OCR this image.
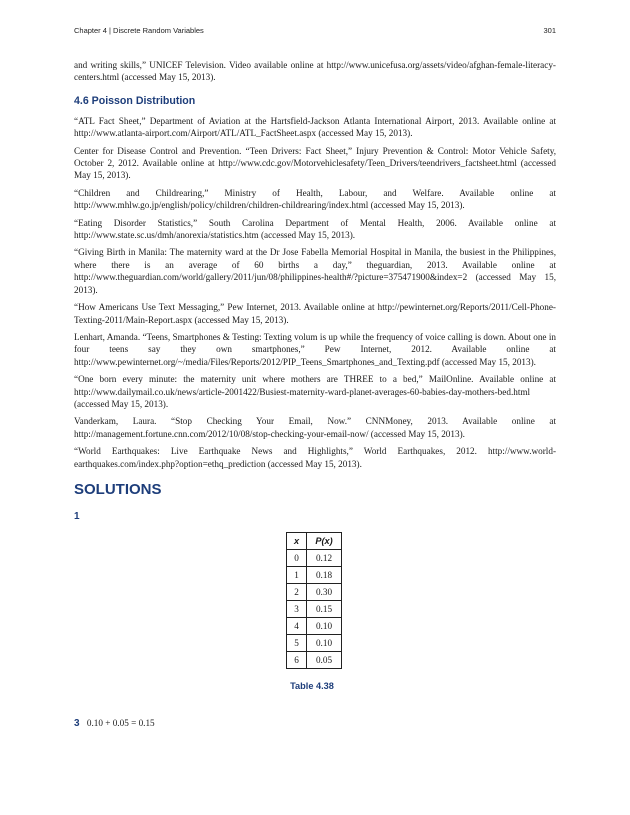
Chapter 4 | Discrete Random Variables	301

and writing skills,” UNICEF Television. Video available online at http://www.unicefusa.org/assets/video/afghan-female-literacy-centers.html (accessed May 15, 2013).

4.6 Poisson Distribution

“ATL Fact Sheet,” Department of Aviation at the Hartsfield-Jackson Atlanta International Airport, 2013. Available online at http://www.atlanta-airport.com/Airport/ATL/ATL_FactSheet.aspx (accessed May 15, 2013).

Center for Disease Control and Prevention. “Teen Drivers: Fact Sheet,” Injury Prevention & Control: Motor Vehicle Safety, October 2, 2012. Available online at http://www.cdc.gov/Motorvehiclesafety/Teen_Drivers/teendrivers_factsheet.html (accessed May 15, 2013).

“Children and Childrearing,” Ministry of Health, Labour, and Welfare. Available online at http://www.mhlw.go.jp/english/policy/children/children-childrearing/index.html (accessed May 15, 2013).

“Eating Disorder Statistics,” South Carolina Department of Mental Health, 2006. Available online at http://www.state.sc.us/dmh/anorexia/statistics.htm (accessed May 15, 2013).

“Giving Birth in Manila: The maternity ward at the Dr Jose Fabella Memorial Hospital in Manila, the busiest in the Philippines, where there is an average of 60 births a day,” theguardian, 2013. Available online at http://www.theguardian.com/world/gallery/2011/jun/08/philippines-health#/?picture=375471900&index=2 (accessed May 15, 2013).

“How Americans Use Text Messaging,” Pew Internet, 2013. Available online at http://pewinternet.org/Reports/2011/Cell-Phone-Texting-2011/Main-Report.aspx (accessed May 15, 2013).

Lenhart, Amanda. “Teens, Smartphones & Testing: Texting volum is up while the frequency of voice calling is down. About one in four teens say they own smartphones,” Pew Internet, 2012. Available online at http://www.pewinternet.org/~/media/Files/Reports/2012/PIP_Teens_Smartphones_and_Texting.pdf (accessed May 15, 2013).

“One born every minute: the maternity unit where mothers are THREE to a bed,” MailOnline. Available online at http://www.dailymail.co.uk/news/article-2001422/Busiest-maternity-ward-planet-averages-60-babies-day-mothers-bed.html (accessed May 15, 2013).

Vanderkam, Laura. “Stop Checking Your Email, Now.” CNNMoney, 2013. Available online at http://management.fortune.cnn.com/2012/10/08/stop-checking-your-email-now/ (accessed May 15, 2013).

“World Earthquakes: Live Earthquake News and Highlights,” World Earthquakes, 2012. http://www.world-earthquakes.com/index.php?option=ethq_prediction (accessed May 15, 2013).

SOLUTIONS
1
x	P(x)
0	0.12
1	0.18
2	0.30
3	0.15
4	0.10
5	0.10
6	0.05
Table 4.38
3 0.10 + 0.05 = 0.15
